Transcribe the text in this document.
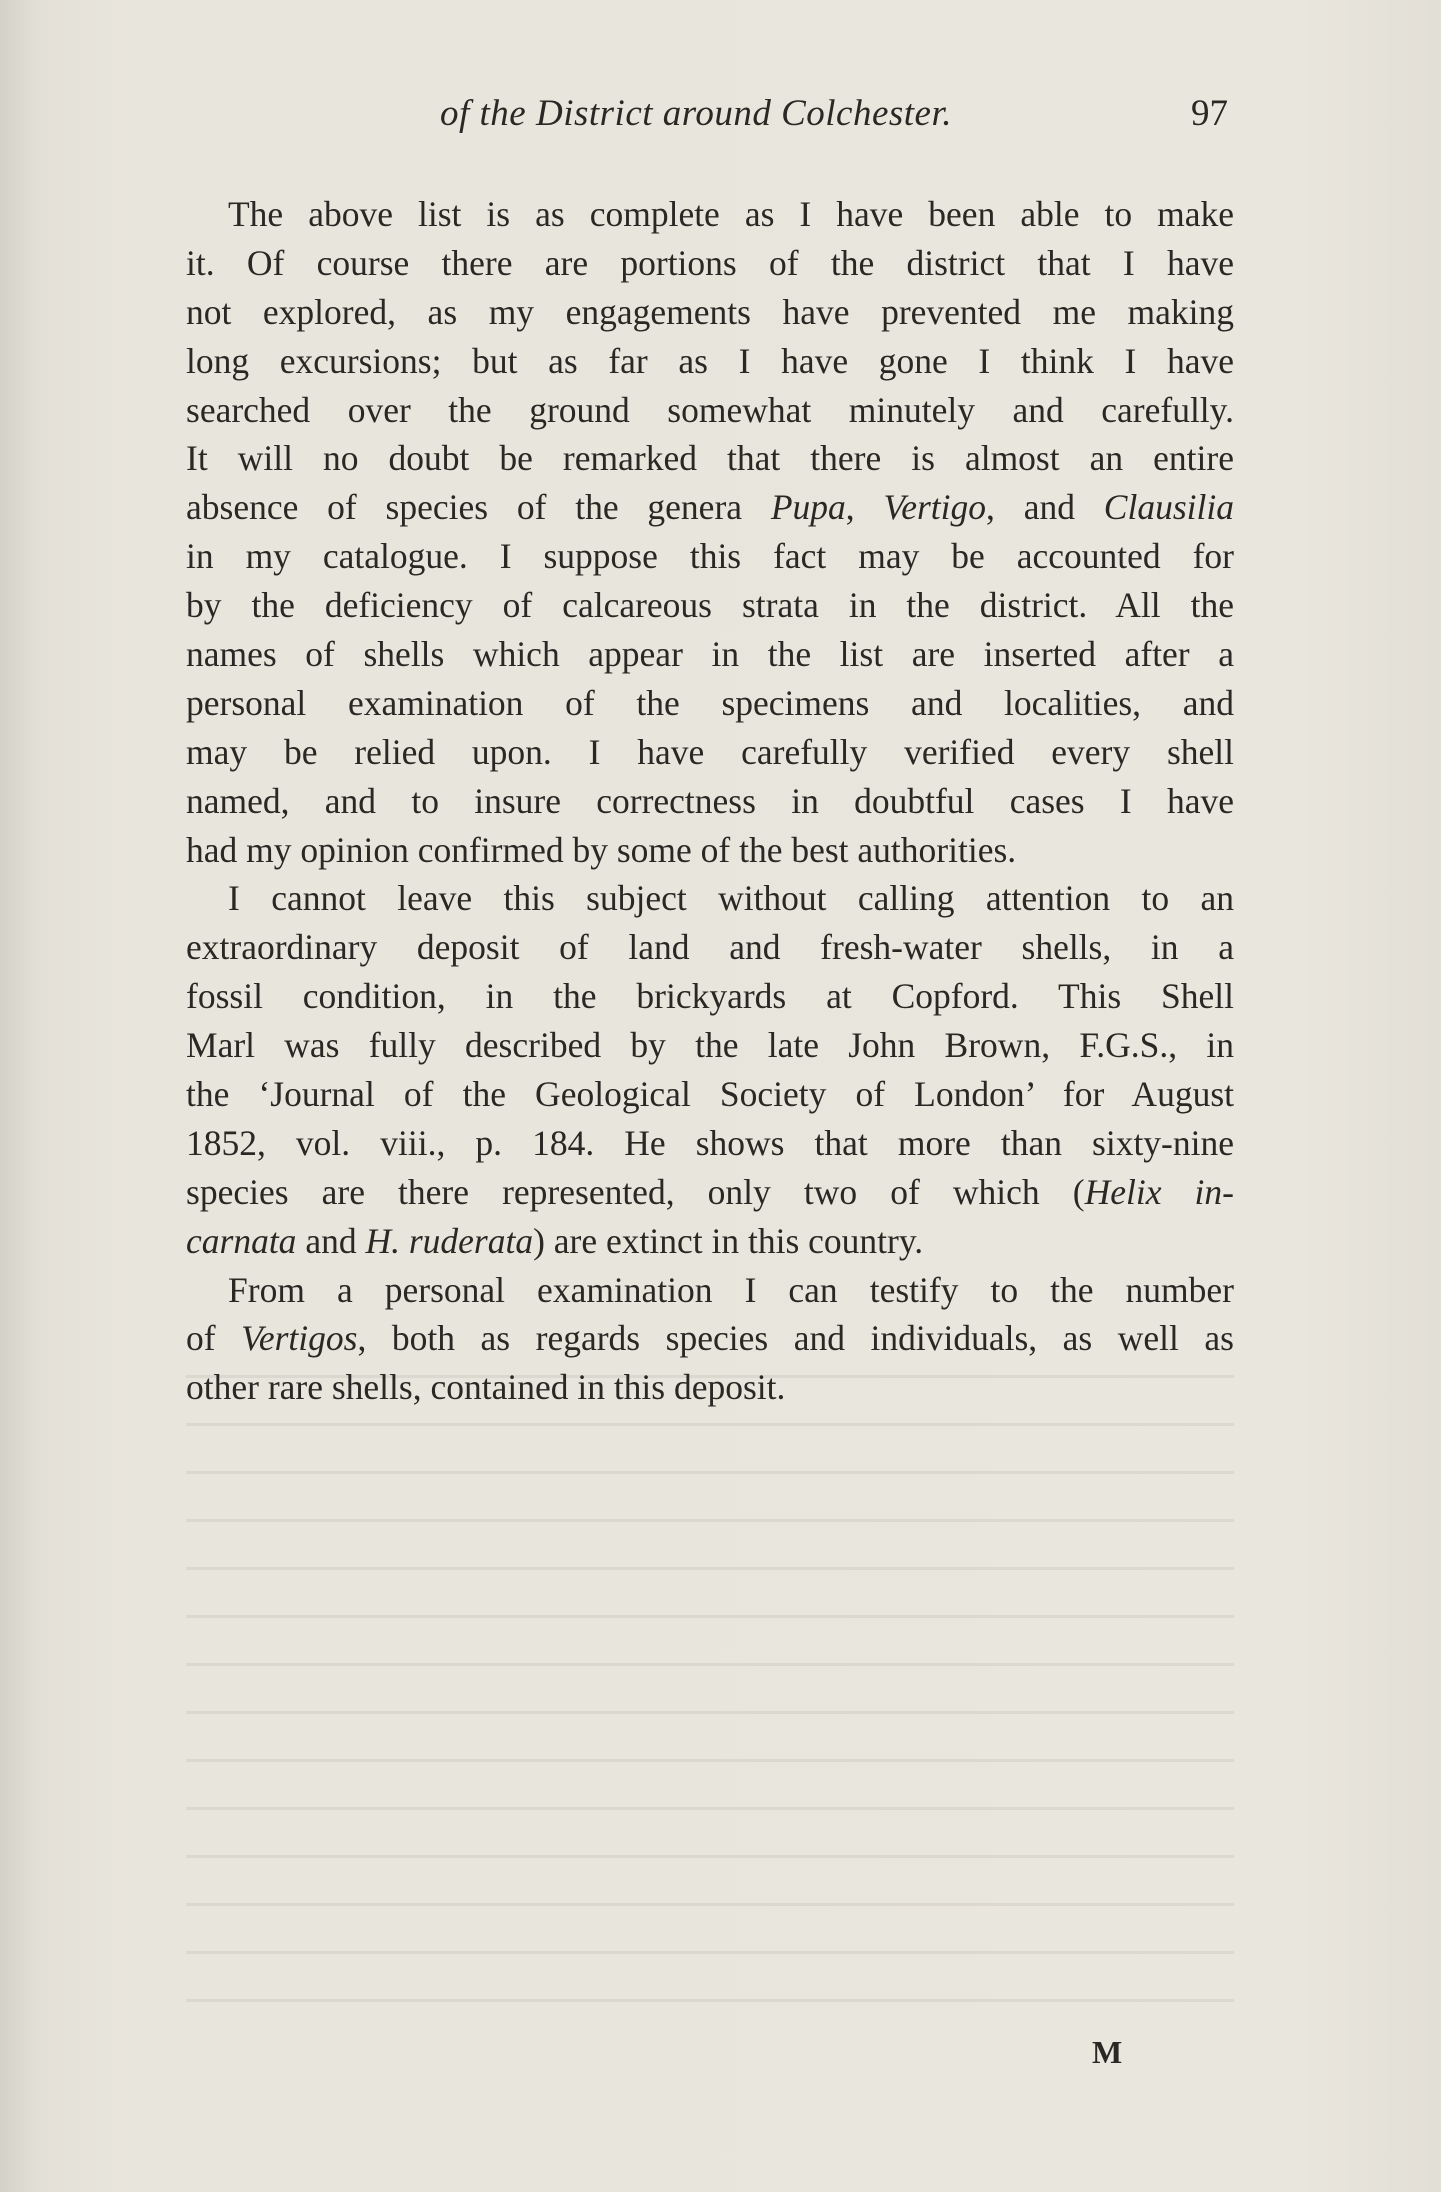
of the District around Colchester.	97
The above list is as complete as I have been able to make
it. Of course there are portions of the district that I have
not explored, as my engagements have prevented me making
long excursions; but as far as I have gone I think I have
searched over the ground somewhat minutely and carefully.
It will no doubt be remarked that there is almost an entire
absence of species of the genera Pupa, Vertigo, and Clausilia
in my catalogue. I suppose this fact may be accounted for
by the deficiency of calcareous strata in the district. All the
names of shells which appear in the list are inserted after a
personal examination of the specimens and localities, and
may be relied upon. I have carefully verified every shell
named, and to insure correctness in doubtful cases I have
had my opinion confirmed by some of the best authorities.
I cannot leave this subject without calling attention to an
extraordinary deposit of land and fresh-water shells, in a
fossil condition, in the brickyards at Copford. This Shell
Marl was fully described by the late John Brown, F.G.S., in
the ‘Journal of the Geological Society of London’ for August
1852, vol. viii., p. 184. He shows that more than sixty-nine
species are there represented, only two of which (Helix in-
carnata and H. ruderata) are extinct in this country.
From a personal examination I can testify to the number
of Vertigos, both as regards species and individuals, as well as
other rare shells, contained in this deposit.
M
